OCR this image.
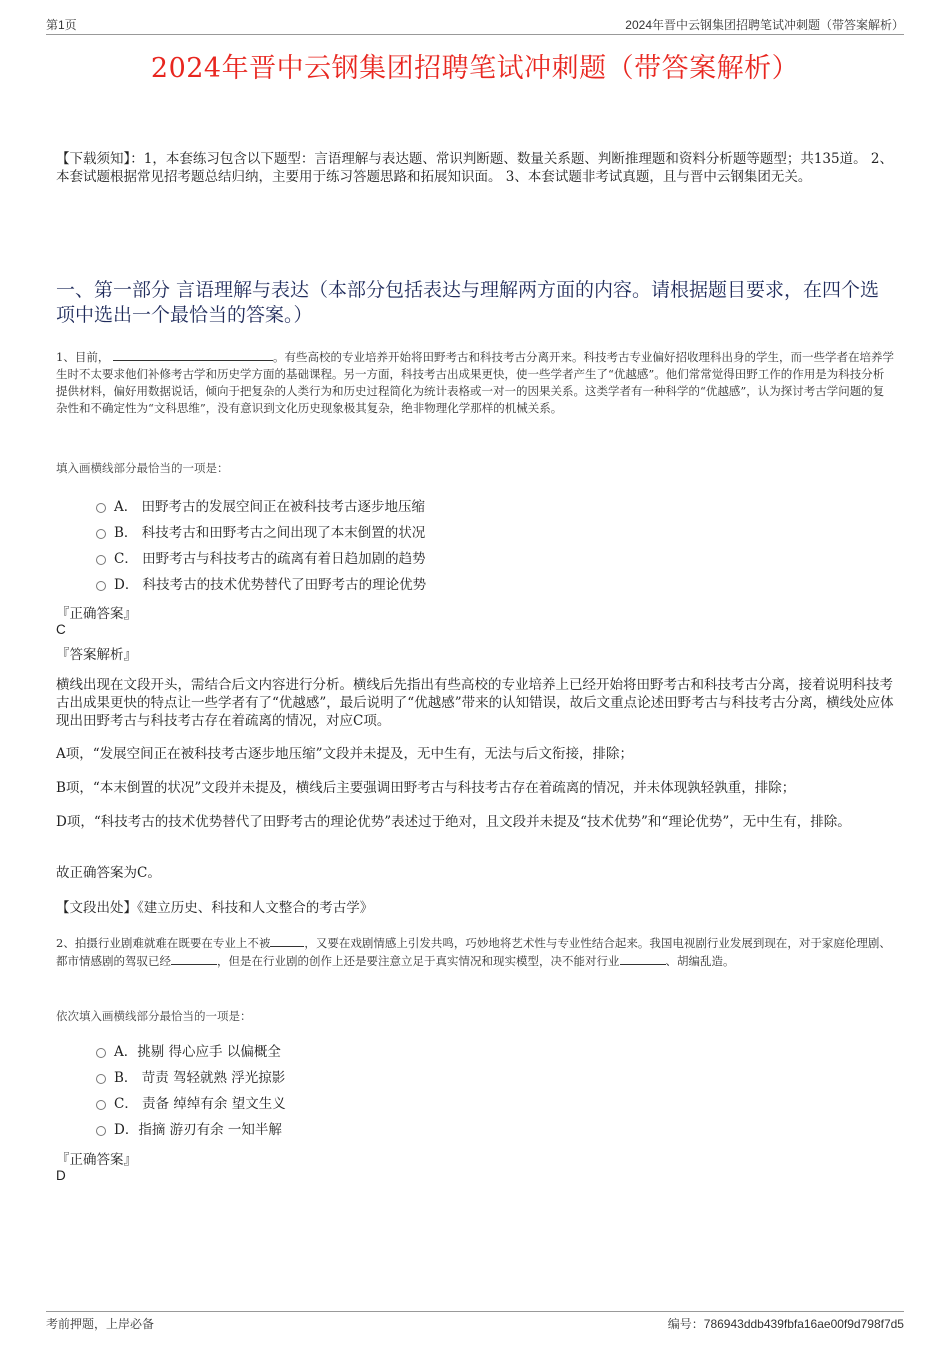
第1页	2024年晋中云钢集团招聘笔试冲刺题（带答案解析）
2024年晋中云钢集团招聘笔试冲刺题（带答案解析）
【下载须知】：1，本套练习包含以下题型：言语理解与表达题、常识判断题、数量关系题、判断推理题和资料分析题等题型；共135道。 2、本套试题根据常见招考题总结归纳，主要用于练习答题思路和拓展知识面。 3、本套试题非考试真题，且与晋中云钢集团无关。
一、第一部分 言语理解与表达（本部分包括表达与理解两方面的内容。请根据题目要求，在四个选项中选出一个最恰当的答案。）
1、目前，	。有些高校的专业培养开始将田野考古和科技考古分离开来。科技考古专业偏好招收理科出身的学生，而一些学者在培养学生时不太要求他们补修考古学和历史学方面的基础课程。另一方面，科技考古出成果更快，使一些学者产生了“优越感”。他们常常觉得田野工作的作用是为科技分析提供材料，偏好用数据说话，倾向于把复杂的人类行为和历史过程简化为统计表格或一对一的因果关系。这类学者有一种科学的“优越感”，认为探讨考古学问题的复杂性和不确定性为“文科思维”，没有意识到文化历史现象极其复杂，绝非物理化学那样的机械关系。
填入画横线部分最恰当的一项是：
A． 田野考古的发展空间正在被科技考古逐步地压缩
B． 科技考古和田野考古之间出现了本末倒置的状况
C． 田野考古与科技考古的疏离有着日趋加剧的趋势
D． 科技考古的技术优势替代了田野考古的理论优势
『正确答案』
C
『答案解析』
横线出现在文段开头，需结合后文内容进行分析。横线后先指出有些高校的专业培养上已经开始将田野考古和科技考古分离，接着说明科技考古出成果更快的特点让一些学者有了“优越感”，最后说明了“优越感”带来的认知错误，故后文重点论述田野考古与科技考古分离，横线处应体现出田野考古与科技考古存在着疏离的情况，对应C项。
A项，“发展空间正在被科技考古逐步地压缩”文段并未提及，无中生有，无法与后文衔接，排除；
B项，“本末倒置的状况”文段并未提及，横线后主要强调田野考古与科技考古存在着疏离的情况，并未体现孰轻孰重，排除；
D项，“科技考古的技术优势替代了田野考古的理论优势”表述过于绝对，且文段并未提及“技术优势”和“理论优势”，无中生有，排除。
故正确答案为C。
【文段出处】《建立历史、科技和人文整合的考古学》
2、拍摄行业剧难就难在既要在专业上不被	，又要在戏剧情感上引发共鸣，巧妙地将艺术性与专业性结合起来。我国电视剧行业发展到现在，对于家庭伦理剧、都市情感剧的驾驭已经	，但是在行业剧的创作上还是要注意立足于真实情况和现实模型，决不能对行业	、胡编乱造。
依次填入画横线部分最恰当的一项是：
A．挑剔 得心应手 以偏概全
B． 苛责 驾轻就熟 浮光掠影
C． 责备 绰绰有余 望文生义
D．指摘 游刃有余 一知半解
『正确答案』
D
考前押题，上岸必备	编号：786943ddb439fbfa16ae00f9d798f7d5
